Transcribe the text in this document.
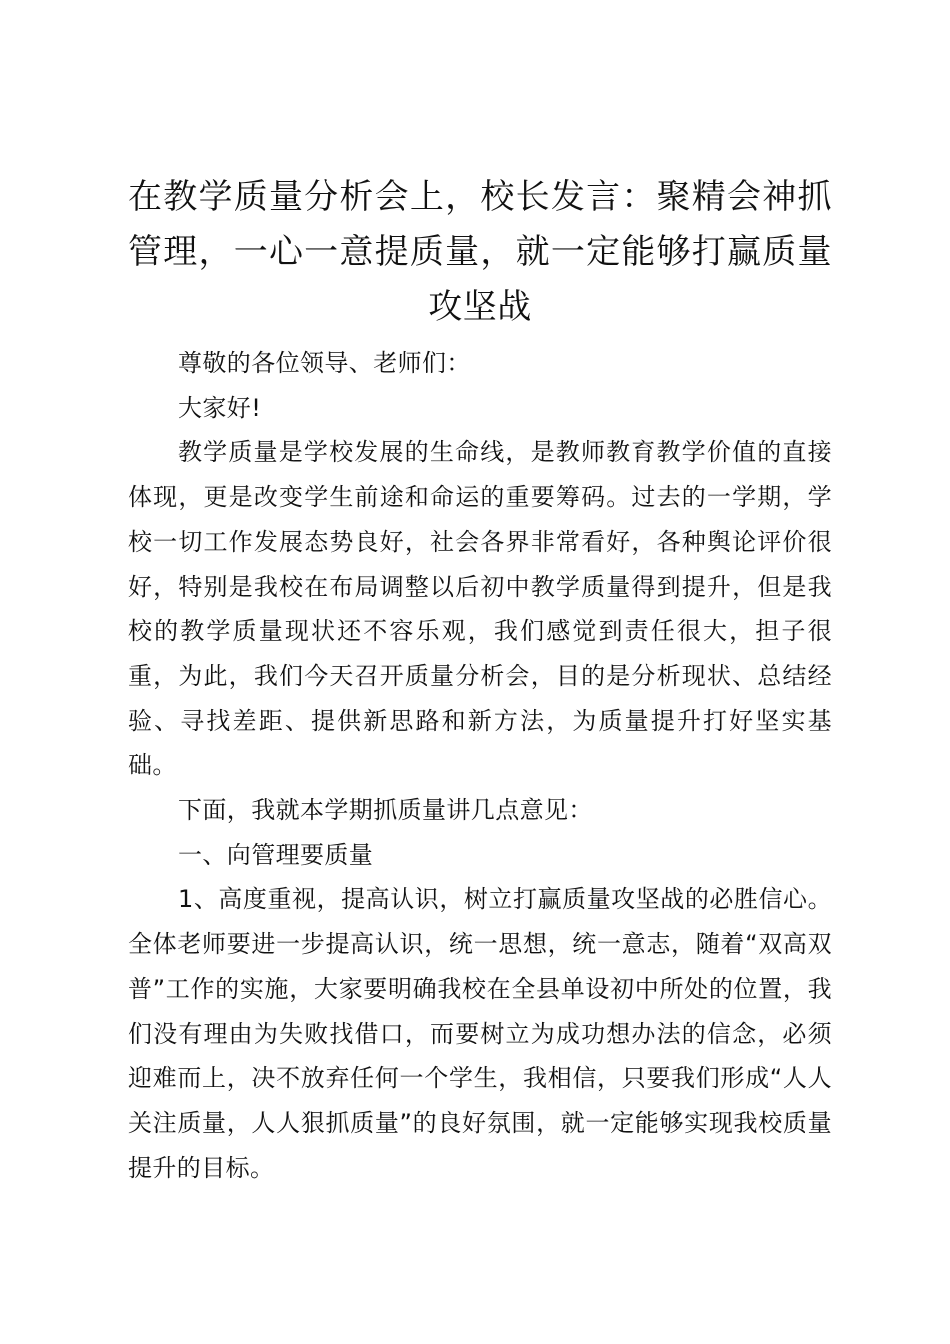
在教学质量分析会上，校长发言：聚精会神抓管理，一心一意提质量，就一定能够打赢质量攻坚战

尊敬的各位领导、老师们：

大家好!

教学质量是学校发展的生命线，是教师教育教学价值的直接体现，更是改变学生前途和命运的重要筹码。过去的一学期，学校一切工作发展态势良好，社会各界非常看好，各种舆论评价很好，特别是我校在布局调整以后初中教学质量得到提升，但是我校的教学质量现状还不容乐观，我们感觉到责任很大，担子很重，为此，我们今天召开质量分析会，目的是分析现状、总结经验、寻找差距、提供新思路和新方法，为质量提升打好坚实基础。

下面，我就本学期抓质量讲几点意见：

一、向管理要质量

1、高度重视，提高认识，树立打赢质量攻坚战的必胜信心。全体老师要进一步提高认识，统一思想，统一意志，随着“双高双普”工作的实施，大家要明确我校在全县单设初中所处的位置，我们没有理由为失败找借口，而要树立为成功想办法的信念，必须迎难而上，决不放弃任何一个学生，我相信，只要我们形成“人人关注质量，人人狠抓质量”的良好氛围，就一定能够实现我校质量提升的目标。
